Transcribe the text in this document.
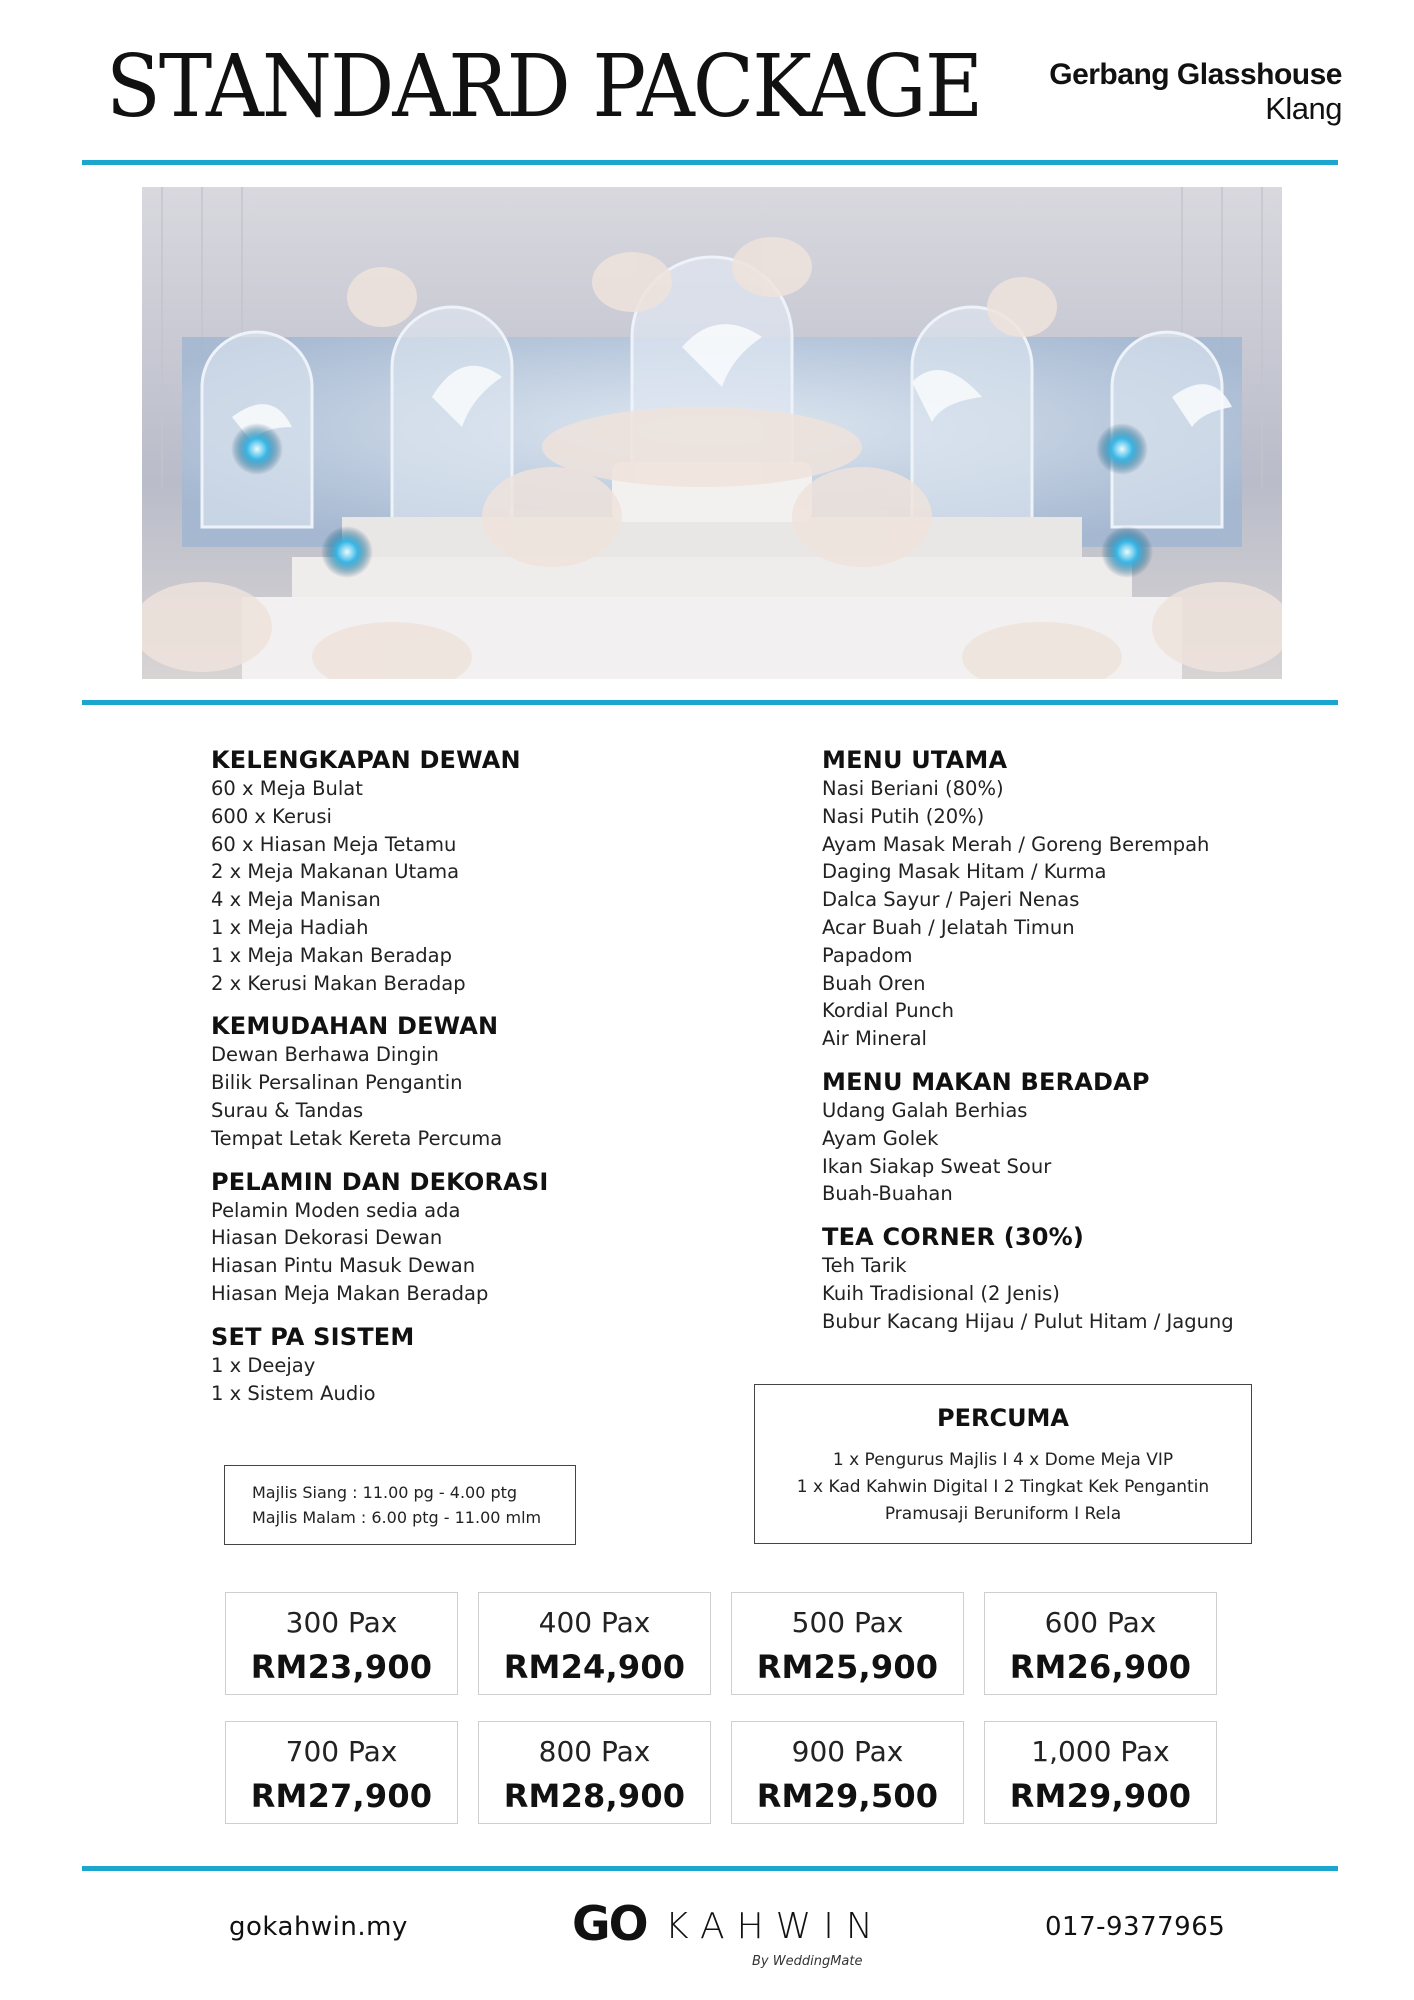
STANDARD PACKAGE Gerbang Glasshouse
Klang
KELENGKAPAN DEWAN
60 x Meja Bulat
600 x Kerusi
60 x Hiasan Meja Tetamu
2 x Meja Makanan Utama
4 x Meja Manisan
1 x Meja Hadiah
1 x Meja Makan Beradap
2 x Kerusi Makan Beradap
KEMUDAHAN DEWAN
Dewan Berhawa Dingin
Bilik Persalinan Pengantin
Surau & Tandas
Tempat Letak Kereta Percuma
PELAMIN DAN DEKORASI
Pelamin Moden sedia ada
Hiasan Dekorasi Dewan
Hiasan Pintu Masuk Dewan
Hiasan Meja Makan Beradap
SET PA SISTEM
1 x Deejay
1 x Sistem Audio
MENU UTAMA
Nasi Beriani (80%)
Nasi Putih (20%)
Ayam Masak Merah / Goreng Berempah
Daging Masak Hitam / Kurma
Dalca Sayur / Pajeri Nenas
Acar Buah / Jelatah Timun
Papadom
Buah Oren
Kordial Punch
Air Mineral
MENU MAKAN BERADAP
Udang Galah Berhias
Ayam Golek
Ikan Siakap Sweat Sour
Buah-Buahan
TEA CORNER (30%)
Teh Tarik
Kuih Tradisional (2 Jenis)
Bubur Kacang Hijau / Pulut Hitam / Jagung
Majlis Siang : 11.00 pg - 4.00 ptg
Majlis Malam : 6.00 ptg - 11.00 mlm
PERCUMA
1 x Pengurus Majlis I 4 x Dome Meja VIP
1 x Kad Kahwin Digital I 2 Tingkat Kek Pengantin
Pramusaji Beruniform I Rela
300 Pax
RM23,900
400 Pax
RM24,900
500 Pax
RM25,900
600 Pax
RM26,900
700 Pax
RM27,900
800 Pax
RM28,900
900 Pax
RM29,500
1,000 Pax
RM29,900
gokahwin.my	GO KAHWIN
By WeddingMate
017-9377965
